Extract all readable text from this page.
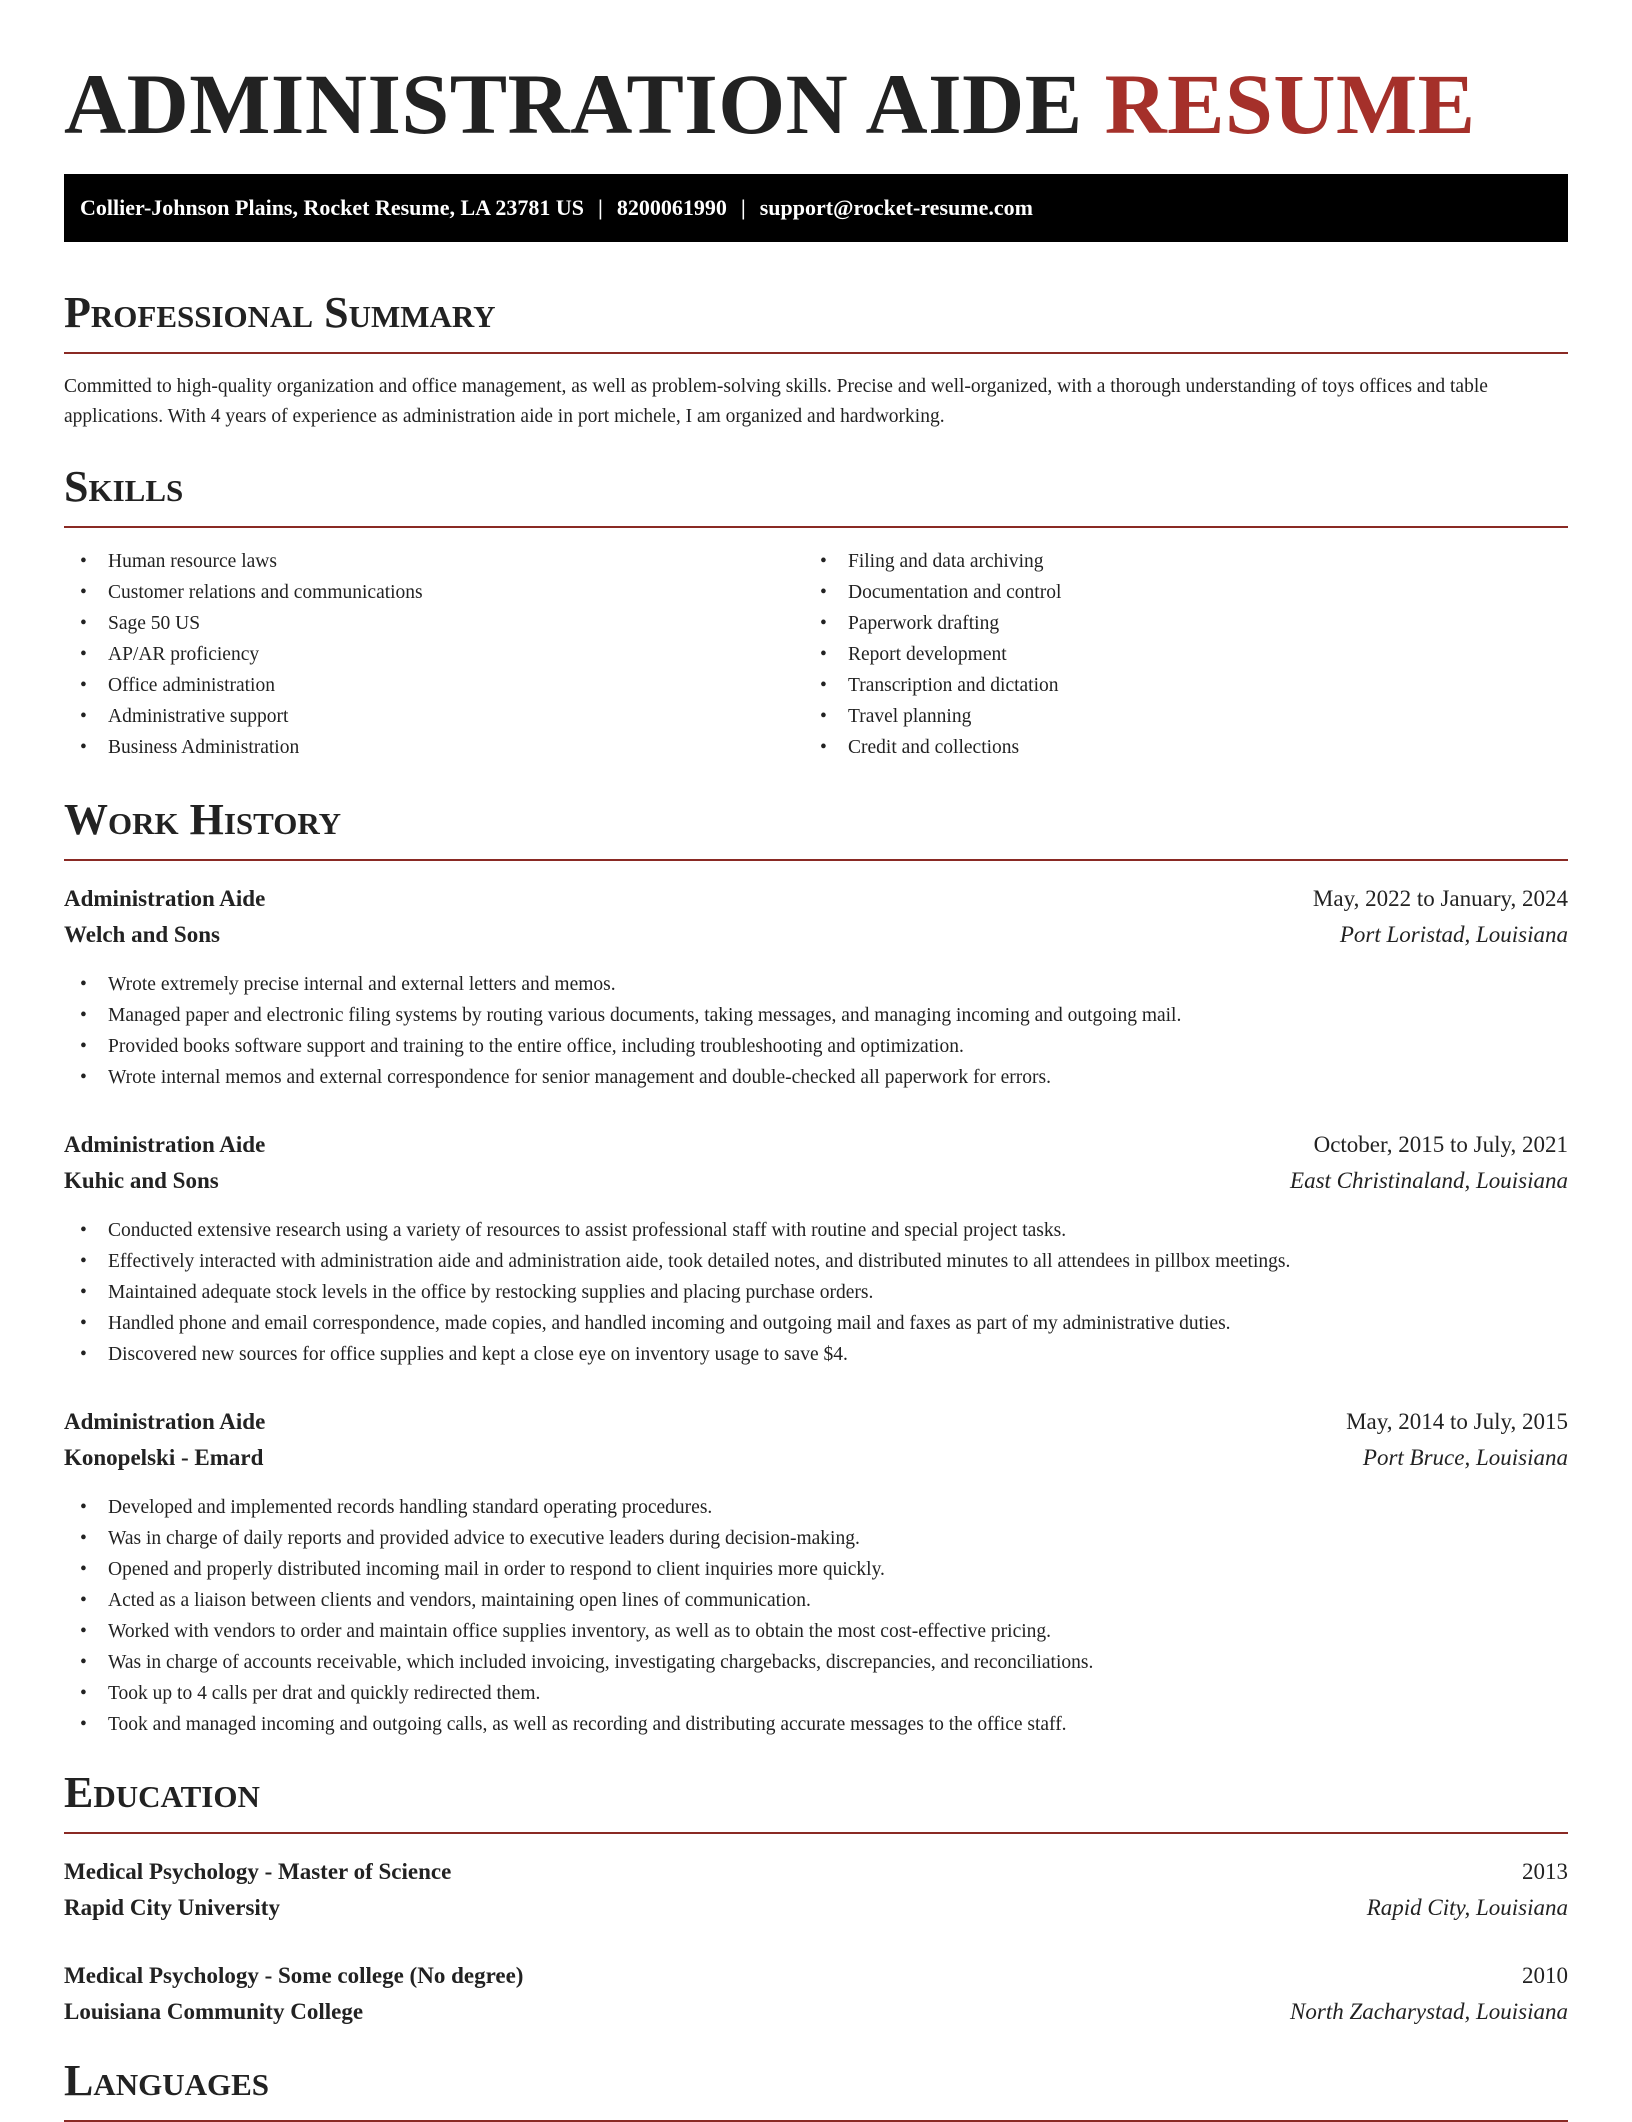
ADMINISTRATION AIDE RESUME
Collier-Johnson Plains, Rocket Resume, LA 23781 US | 8200061990 | support@rocket-resume.com
Professional Summary

Committed to high-quality organization and office management, as well as problem-solving skills. Precise and well-organized, with a thorough understanding of toys offices and table applications. With 4 years of experience as administration aide in port michele, I am organized and hardworking.

Skills
• Human resource laws
• Customer relations and communications
• Sage 50 US
• AP/AR proficiency
• Office administration
• Administrative support
• Business Administration
• Filing and data archiving
• Documentation and control
• Paperwork drafting
• Report development
• Transcription and dictation
• Travel planning
• Credit and collections
Work History
Administration Aide	May, 2022 to January, 2024
Welch and Sons	Port Loristad, Louisiana
• Wrote extremely precise internal and external letters and memos.
• Managed paper and electronic filing systems by routing various documents, taking messages, and managing incoming and outgoing mail.
• Provided books software support and training to the entire office, including troubleshooting and optimization.
• Wrote internal memos and external correspondence for senior management and double-checked all paperwork for errors.
Administration Aide	October, 2015 to July, 2021
Kuhic and Sons	East Christinaland, Louisiana
• Conducted extensive research using a variety of resources to assist professional staff with routine and special project tasks.
• Effectively interacted with administration aide and administration aide, took detailed notes, and distributed minutes to all attendees in pillbox meetings.
• Maintained adequate stock levels in the office by restocking supplies and placing purchase orders.
• Handled phone and email correspondence, made copies, and handled incoming and outgoing mail and faxes as part of my administrative duties.
• Discovered new sources for office supplies and kept a close eye on inventory usage to save $4.
Administration Aide	May, 2014 to July, 2015
Konopelski - Emard	Port Bruce, Louisiana
• Developed and implemented records handling standard operating procedures.
• Was in charge of daily reports and provided advice to executive leaders during decision-making.
• Opened and properly distributed incoming mail in order to respond to client inquiries more quickly.
• Acted as a liaison between clients and vendors, maintaining open lines of communication.
• Worked with vendors to order and maintain office supplies inventory, as well as to obtain the most cost-effective pricing.
• Was in charge of accounts receivable, which included invoicing, investigating chargebacks, discrepancies, and reconciliations.
• Took up to 4 calls per drat and quickly redirected them.
• Took and managed incoming and outgoing calls, as well as recording and distributing accurate messages to the office staff.
Education
Medical Psychology - Master of Science	2013
Rapid City University	Rapid City, Louisiana
Medical Psychology - Some college (No degree)	2010
Louisiana Community College	North Zacharystad, Louisiana
Languages
